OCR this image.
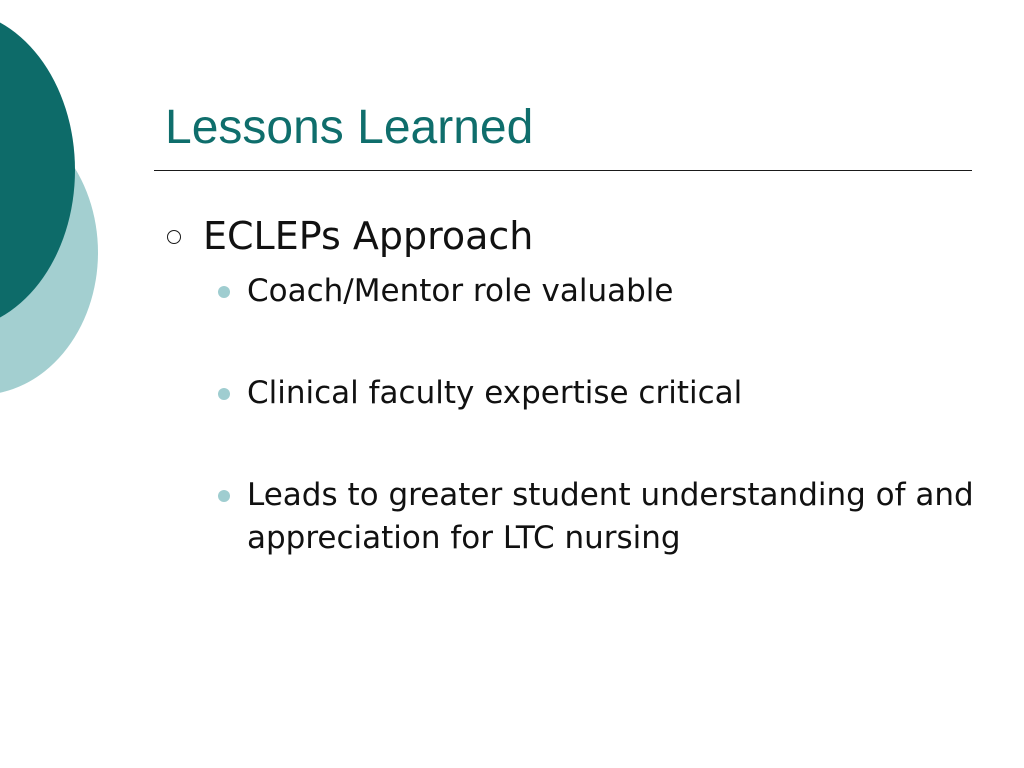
Lessons Learned
ECLEPs Approach
Coach/Mentor role valuable
Clinical faculty expertise critical
Leads to greater student understanding of and appreciation for LTC nursing
